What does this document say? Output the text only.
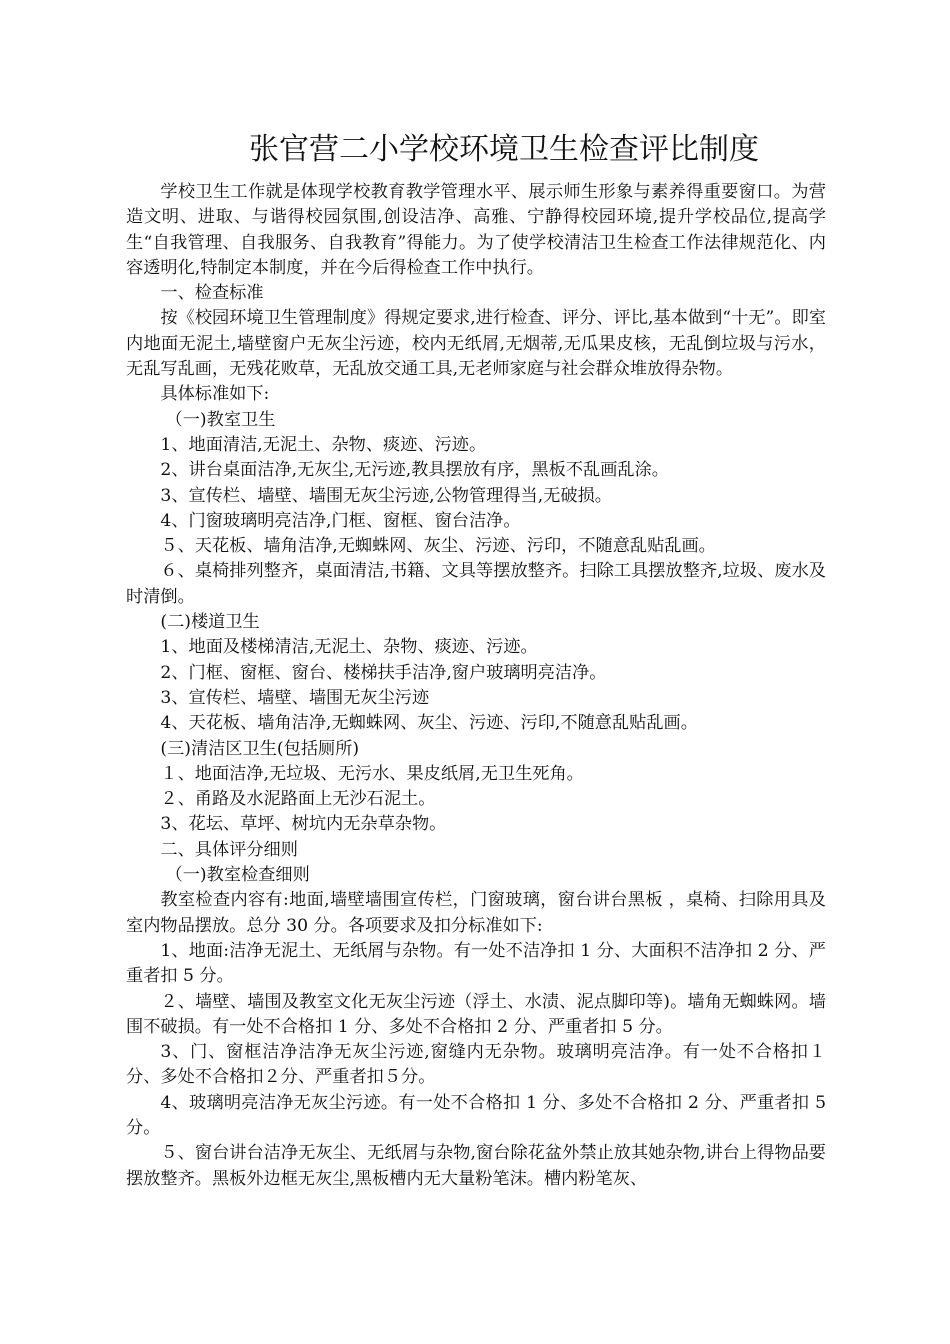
张官营二小学校环境卫生检查评比制度

学校卫生工作就是体现学校教育教学管理水平、展示师生形象与素养得重要窗口。为营造文明、进取、与谐得校园氛围,创设洁净、高雅、宁静得校园环境,提升学校品位,提高学生“自我管理、自我服务、自我教育”得能力。为了使学校清洁卫生检查工作法律规范化、内容透明化,特制定本制度，并在今后得检查工作中执行。

一、检查标准

按《校园环境卫生管理制度》得规定要求,进行检查、评分、评比,基本做到“十无”。即室内地面无泥土,墙壁窗户无灰尘污迹，校内无纸屑,无烟蒂,无瓜果皮核，无乱倒垃圾与污水，无乱写乱画，无残花败草，无乱放交通工具,无老师家庭与社会群众堆放得杂物。

具体标准如下:

（一)教室卫生

1、地面清洁,无泥土、杂物、痰迹、污迹。

2、讲台桌面洁净,无灰尘,无污迹,教具摆放有序，黑板不乱画乱涂。

3、宣传栏、墙壁、墙围无灰尘污迹,公物管理得当,无破损。

4、门窗玻璃明亮洁净,门框、窗框、窗台洁净。

５、天花板、墙角洁净,无蜘蛛网、灰尘、污迹、污印，不随意乱贴乱画。

６、桌椅排列整齐，桌面清洁,书籍、文具等摆放整齐。扫除工具摆放整齐,垃圾、废水及时清倒。

(二)楼道卫生

1、地面及楼梯清洁,无泥土、杂物、痰迹、污迹。

2、门框、窗框、窗台、楼梯扶手洁净,窗户玻璃明亮洁净。

3、宣传栏、墙壁、墙围无灰尘污迹

4、天花板、墙角洁净,无蜘蛛网、灰尘、污迹、污印,不随意乱贴乱画。

(三)清洁区卫生(包括厕所)

１、地面洁净,无垃圾、无污水、果皮纸屑,无卫生死角。

２、甬路及水泥路面上无沙石泥土。

3、花坛、草坪、树坑内无杂草杂物。

二、具体评分细则

（一)教室检查细则

教室检查内容有:地面,墙壁墙围宣传栏，门窗玻璃，窗台讲台黑板 ，桌椅、扫除用具及室内物品摆放。总分 30 分。各项要求及扣分标准如下:

1、地面:洁净无泥土、无纸屑与杂物。有一处不洁净扣 1 分、大面积不洁净扣 2 分、严重者扣 5 分。

２、墙壁、墙围及教室文化无灰尘污迹（浮土、水渍、泥点脚印等)。墙角无蜘蛛网。墙围不破损。有一处不合格扣 1 分、多处不合格扣 2 分、严重者扣 5 分。

3、门、窗框洁净洁净无灰尘污迹,窗缝内无杂物。玻璃明亮洁净。有一处不合格扣１分、多处不合格扣２分、严重者扣５分。

4、玻璃明亮洁净无灰尘污迹。有一处不合格扣 1 分、多处不合格扣 2 分、严重者扣 5 分。

５、窗台讲台洁净无灰尘、无纸屑与杂物,窗台除花盆外禁止放其她杂物,讲台上得物品要摆放整齐。黑板外边框无灰尘,黑板槽内无大量粉笔沫。槽内粉笔灰、
